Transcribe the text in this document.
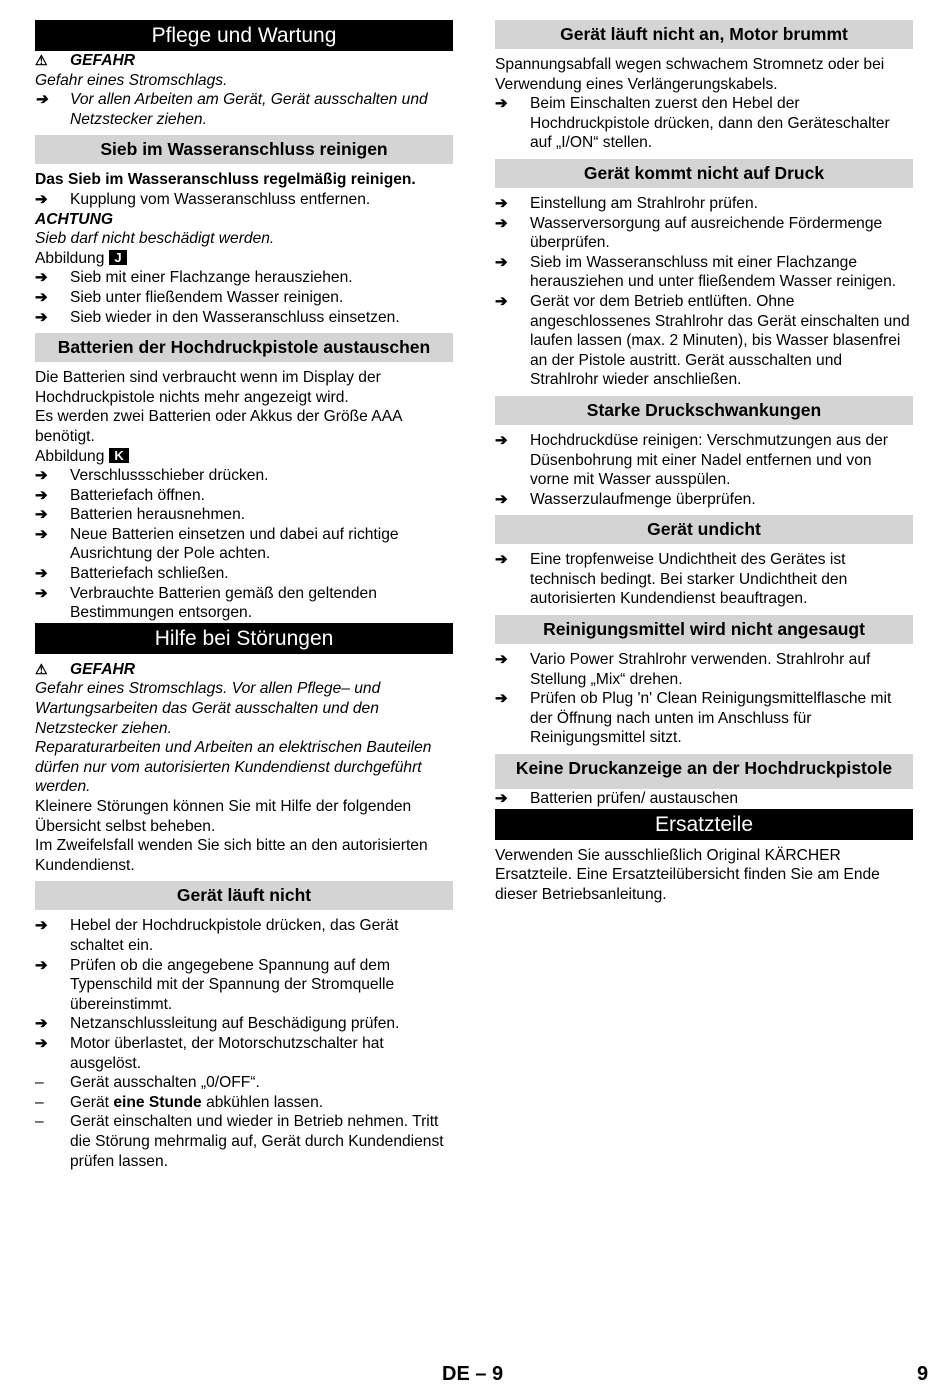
Pflege und Wartung
⚠ GEFAHR
Gefahr eines Stromschlags.
➔	Vor allen Arbeiten am Gerät, Gerät ausschalten und Netzstecker ziehen.
Sieb im Wasseranschluss reinigen
Das Sieb im Wasseranschluss regelmäßig reinigen.
➔	Kupplung vom Wasseranschluss entfernen.
ACHTUNG
Sieb darf nicht beschädigt werden.
Abbildung J
➔	Sieb mit einer Flachzange herausziehen.
➔	Sieb unter fließendem Wasser reinigen.
➔	Sieb wieder in den Wasseranschluss einsetzen.
Batterien der Hochdruckpistole austauschen
Die Batterien sind verbraucht wenn im Display der Hochdruckpistole nichts mehr angezeigt wird.
Es werden zwei Batterien oder Akkus der Größe AAA benötigt.
Abbildung K
➔	Verschlussschieber drücken.
➔	Batteriefach öffnen.
➔	Batterien herausnehmen.
➔	Neue Batterien einsetzen und dabei auf richtige Ausrichtung der Pole achten.
➔	Batteriefach schließen.
➔	Verbrauchte Batterien gemäß den geltenden Bestimmungen entsorgen.
Hilfe bei Störungen
⚠ GEFAHR
Gefahr eines Stromschlags. Vor allen Pflege– und Wartungsarbeiten das Gerät ausschalten und den Netzstecker ziehen.
Reparaturarbeiten und Arbeiten an elektrischen Bauteilen dürfen nur vom autorisierten Kundendienst durchgeführt werden.
Kleinere Störungen können Sie mit Hilfe der folgenden Übersicht selbst beheben.
Im Zweifelsfall wenden Sie sich bitte an den autorisierten Kundendienst.
Gerät läuft nicht
➔	Hebel der Hochdruckpistole drücken, das Gerät schaltet ein.
➔	Prüfen ob die angegebene Spannung auf dem Typenschild mit der Spannung der Stromquelle übereinstimmt.
➔	Netzanschlussleitung auf Beschädigung prüfen.
➔	Motor überlastet, der Motorschutzschalter hat ausgelöst.
–	Gerät ausschalten „0/OFF“.
–	Gerät eine Stunde abkühlen lassen.
–	Gerät einschalten und wieder in Betrieb nehmen. Tritt die Störung mehrmalig auf, Gerät durch Kundendienst prüfen lassen.
Gerät läuft nicht an, Motor brummt
Spannungsabfall wegen schwachem Stromnetz oder bei Verwendung eines Verlängerungskabels.
➔	Beim Einschalten zuerst den Hebel der Hochdruckpistole drücken, dann den Geräteschalter auf „I/ON“ stellen.
Gerät kommt nicht auf Druck
➔	Einstellung am Strahlrohr prüfen.
➔	Wasserversorgung auf ausreichende Fördermenge überprüfen.
➔	Sieb im Wasseranschluss mit einer Flachzange herausziehen und unter fließendem Wasser reinigen.
➔	Gerät vor dem Betrieb entlüften. Ohne angeschlossenes Strahlrohr das Gerät einschalten und laufen lassen (max. 2 Minuten), bis Wasser blasenfrei an der Pistole austritt. Gerät ausschalten und Strahlrohr wieder anschließen.
Starke Druckschwankungen
➔	Hochdruckdüse reinigen: Verschmutzungen aus der Düsenbohrung mit einer Nadel entfernen und von vorne mit Wasser ausspülen.
➔	Wasserzulaufmenge überprüfen.
Gerät undicht
➔	Eine tropfenweise Undichtheit des Gerätes ist technisch bedingt. Bei starker Undichtheit den autorisierten Kundendienst beauftragen.
Reinigungsmittel wird nicht angesaugt
➔	Vario Power Strahlrohr verwenden. Strahlrohr auf Stellung „Mix“ drehen.
➔	Prüfen ob Plug 'n' Clean Reinigungsmittelflasche mit der Öffnung nach unten im Anschluss für Reinigungsmittel sitzt.
Keine Druckanzeige an der Hochdruckpistole
➔	Batterien prüfen/ austauschen
Ersatzteile
Verwenden Sie ausschließlich Original KÄRCHER Ersatzteile. Eine Ersatzteilübersicht finden Sie am Ende dieser Betriebsanleitung.
DE – 9	9
